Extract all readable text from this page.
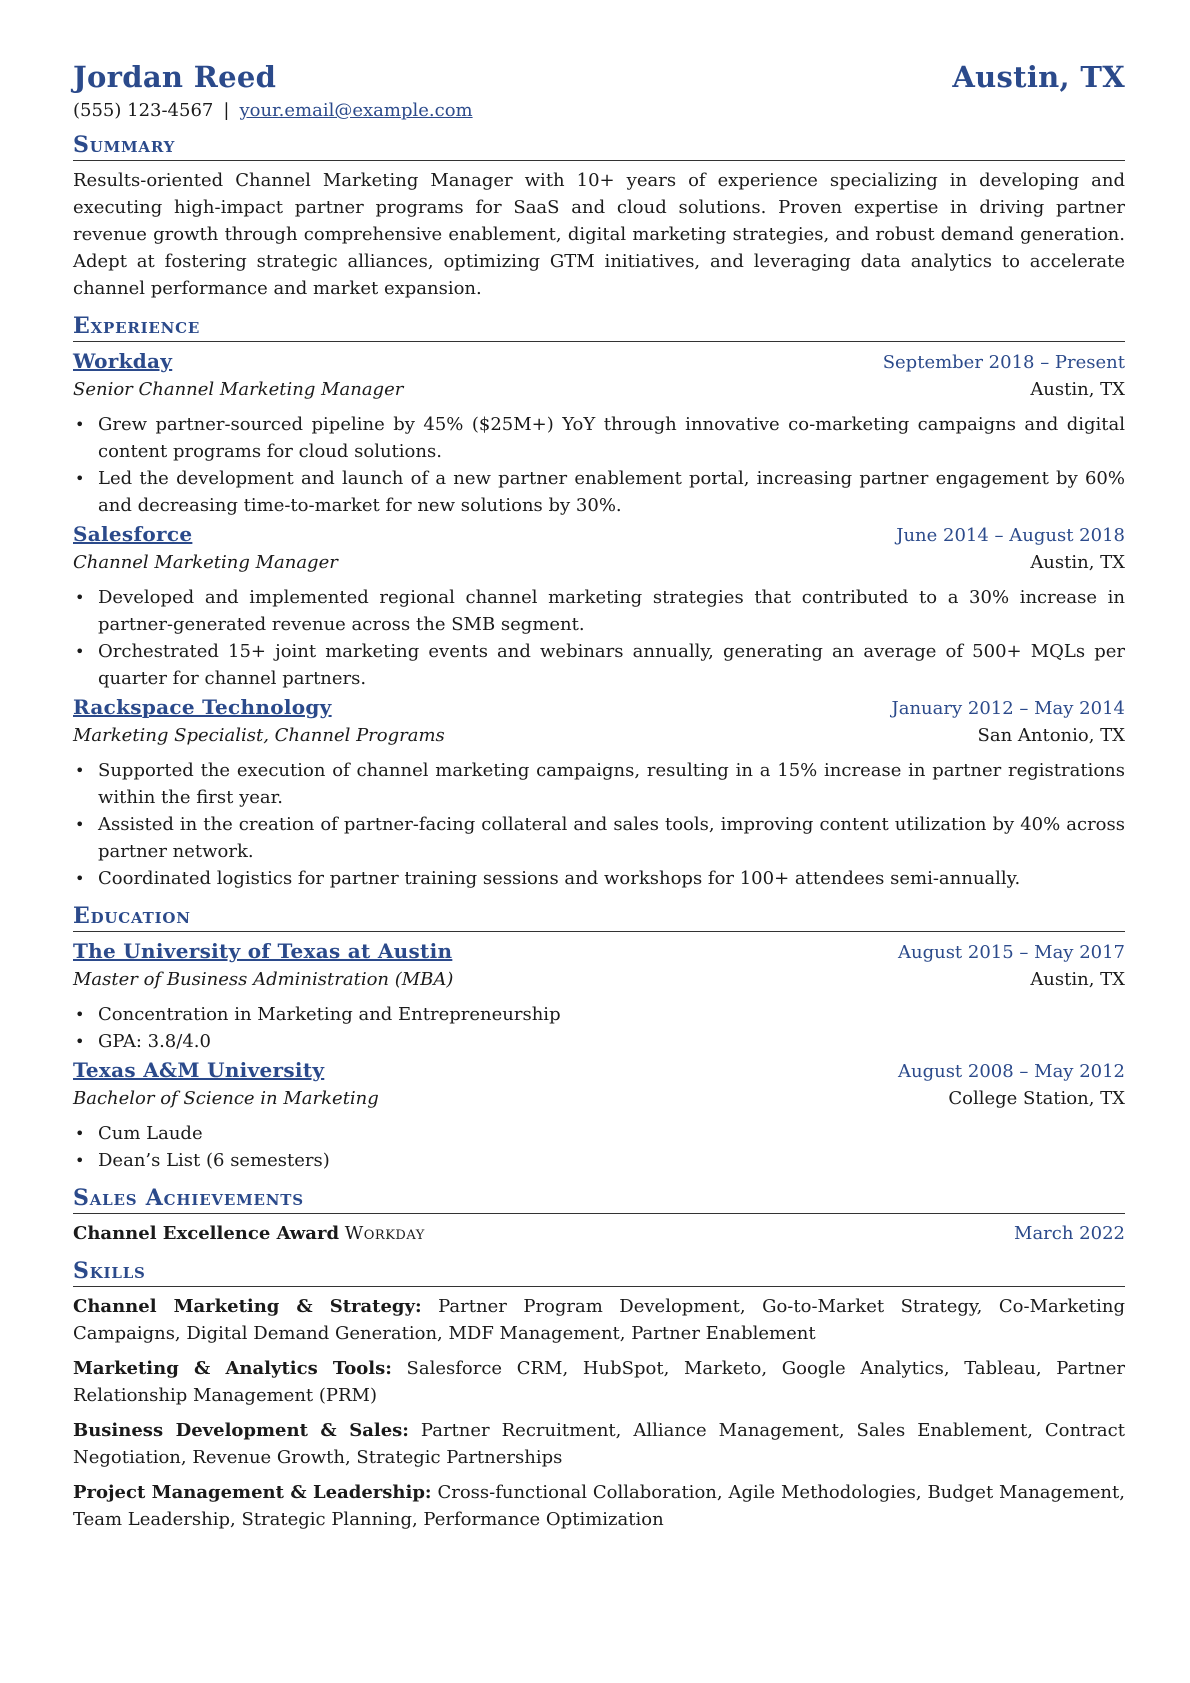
Jordan Reed	Austin, TX
(555) 123-4567 | your.email@example.com
Summary
Results-oriented Channel Marketing Manager with 10+ years of experience specializing in developing and executing high-impact partner programs for SaaS and cloud solutions. Proven expertise in driving partner revenue growth through comprehensive enablement, digital marketing strategies, and robust demand generation. Adept at fostering strategic alliances, optimizing GTM initiatives, and leveraging data analytics to accelerate channel performance and market expansion.
Experience
Workday	September 2018 – Present
Senior Channel Marketing Manager	Austin, TX
• Grew partner-sourced pipeline by 45% ($25M+) YoY through innovative co-marketing campaigns and digital content programs for cloud solutions.
• Led the development and launch of a new partner enablement portal, increasing partner engagement by 60% and decreasing time-to-market for new solutions by 30%.
Salesforce	June 2014 – August 2018
Channel Marketing Manager	Austin, TX
• Developed and implemented regional channel marketing strategies that contributed to a 30% increase in partner-generated revenue across the SMB segment.
• Orchestrated 15+ joint marketing events and webinars annually, generating an average of 500+ MQLs per quarter for channel partners.
Rackspace Technology	January 2012 – May 2014
Marketing Specialist, Channel Programs	San Antonio, TX
• Supported the execution of channel marketing campaigns, resulting in a 15% increase in partner registrations within the first year.
• Assisted in the creation of partner-facing collateral and sales tools, improving content utilization by 40% across partner network.
• Coordinated logistics for partner training sessions and workshops for 100+ attendees semi-annually.
Education
The University of Texas at Austin	August 2015 – May 2017
Master of Business Administration (MBA)	Austin, TX
• Concentration in Marketing and Entrepreneurship
• GPA: 3.8/4.0
Texas A&M University	August 2008 – May 2012
Bachelor of Science in Marketing	College Station, TX
• Cum Laude
• Dean’s List (6 semesters)
Sales Achievements
Channel Excellence Award Workday	March 2022
Skills
Channel Marketing & Strategy: Partner Program Development, Go-to-Market Strategy, Co-Marketing Campaigns, Digital Demand Generation, MDF Management, Partner Enablement
Marketing & Analytics Tools: Salesforce CRM, HubSpot, Marketo, Google Analytics, Tableau, Partner Relationship Management (PRM)
Business Development & Sales: Partner Recruitment, Alliance Management, Sales Enablement, Contract Negotiation, Revenue Growth, Strategic Partnerships
Project Management & Leadership: Cross-functional Collaboration, Agile Methodologies, Budget Management, Team Leadership, Strategic Planning, Performance Optimization
